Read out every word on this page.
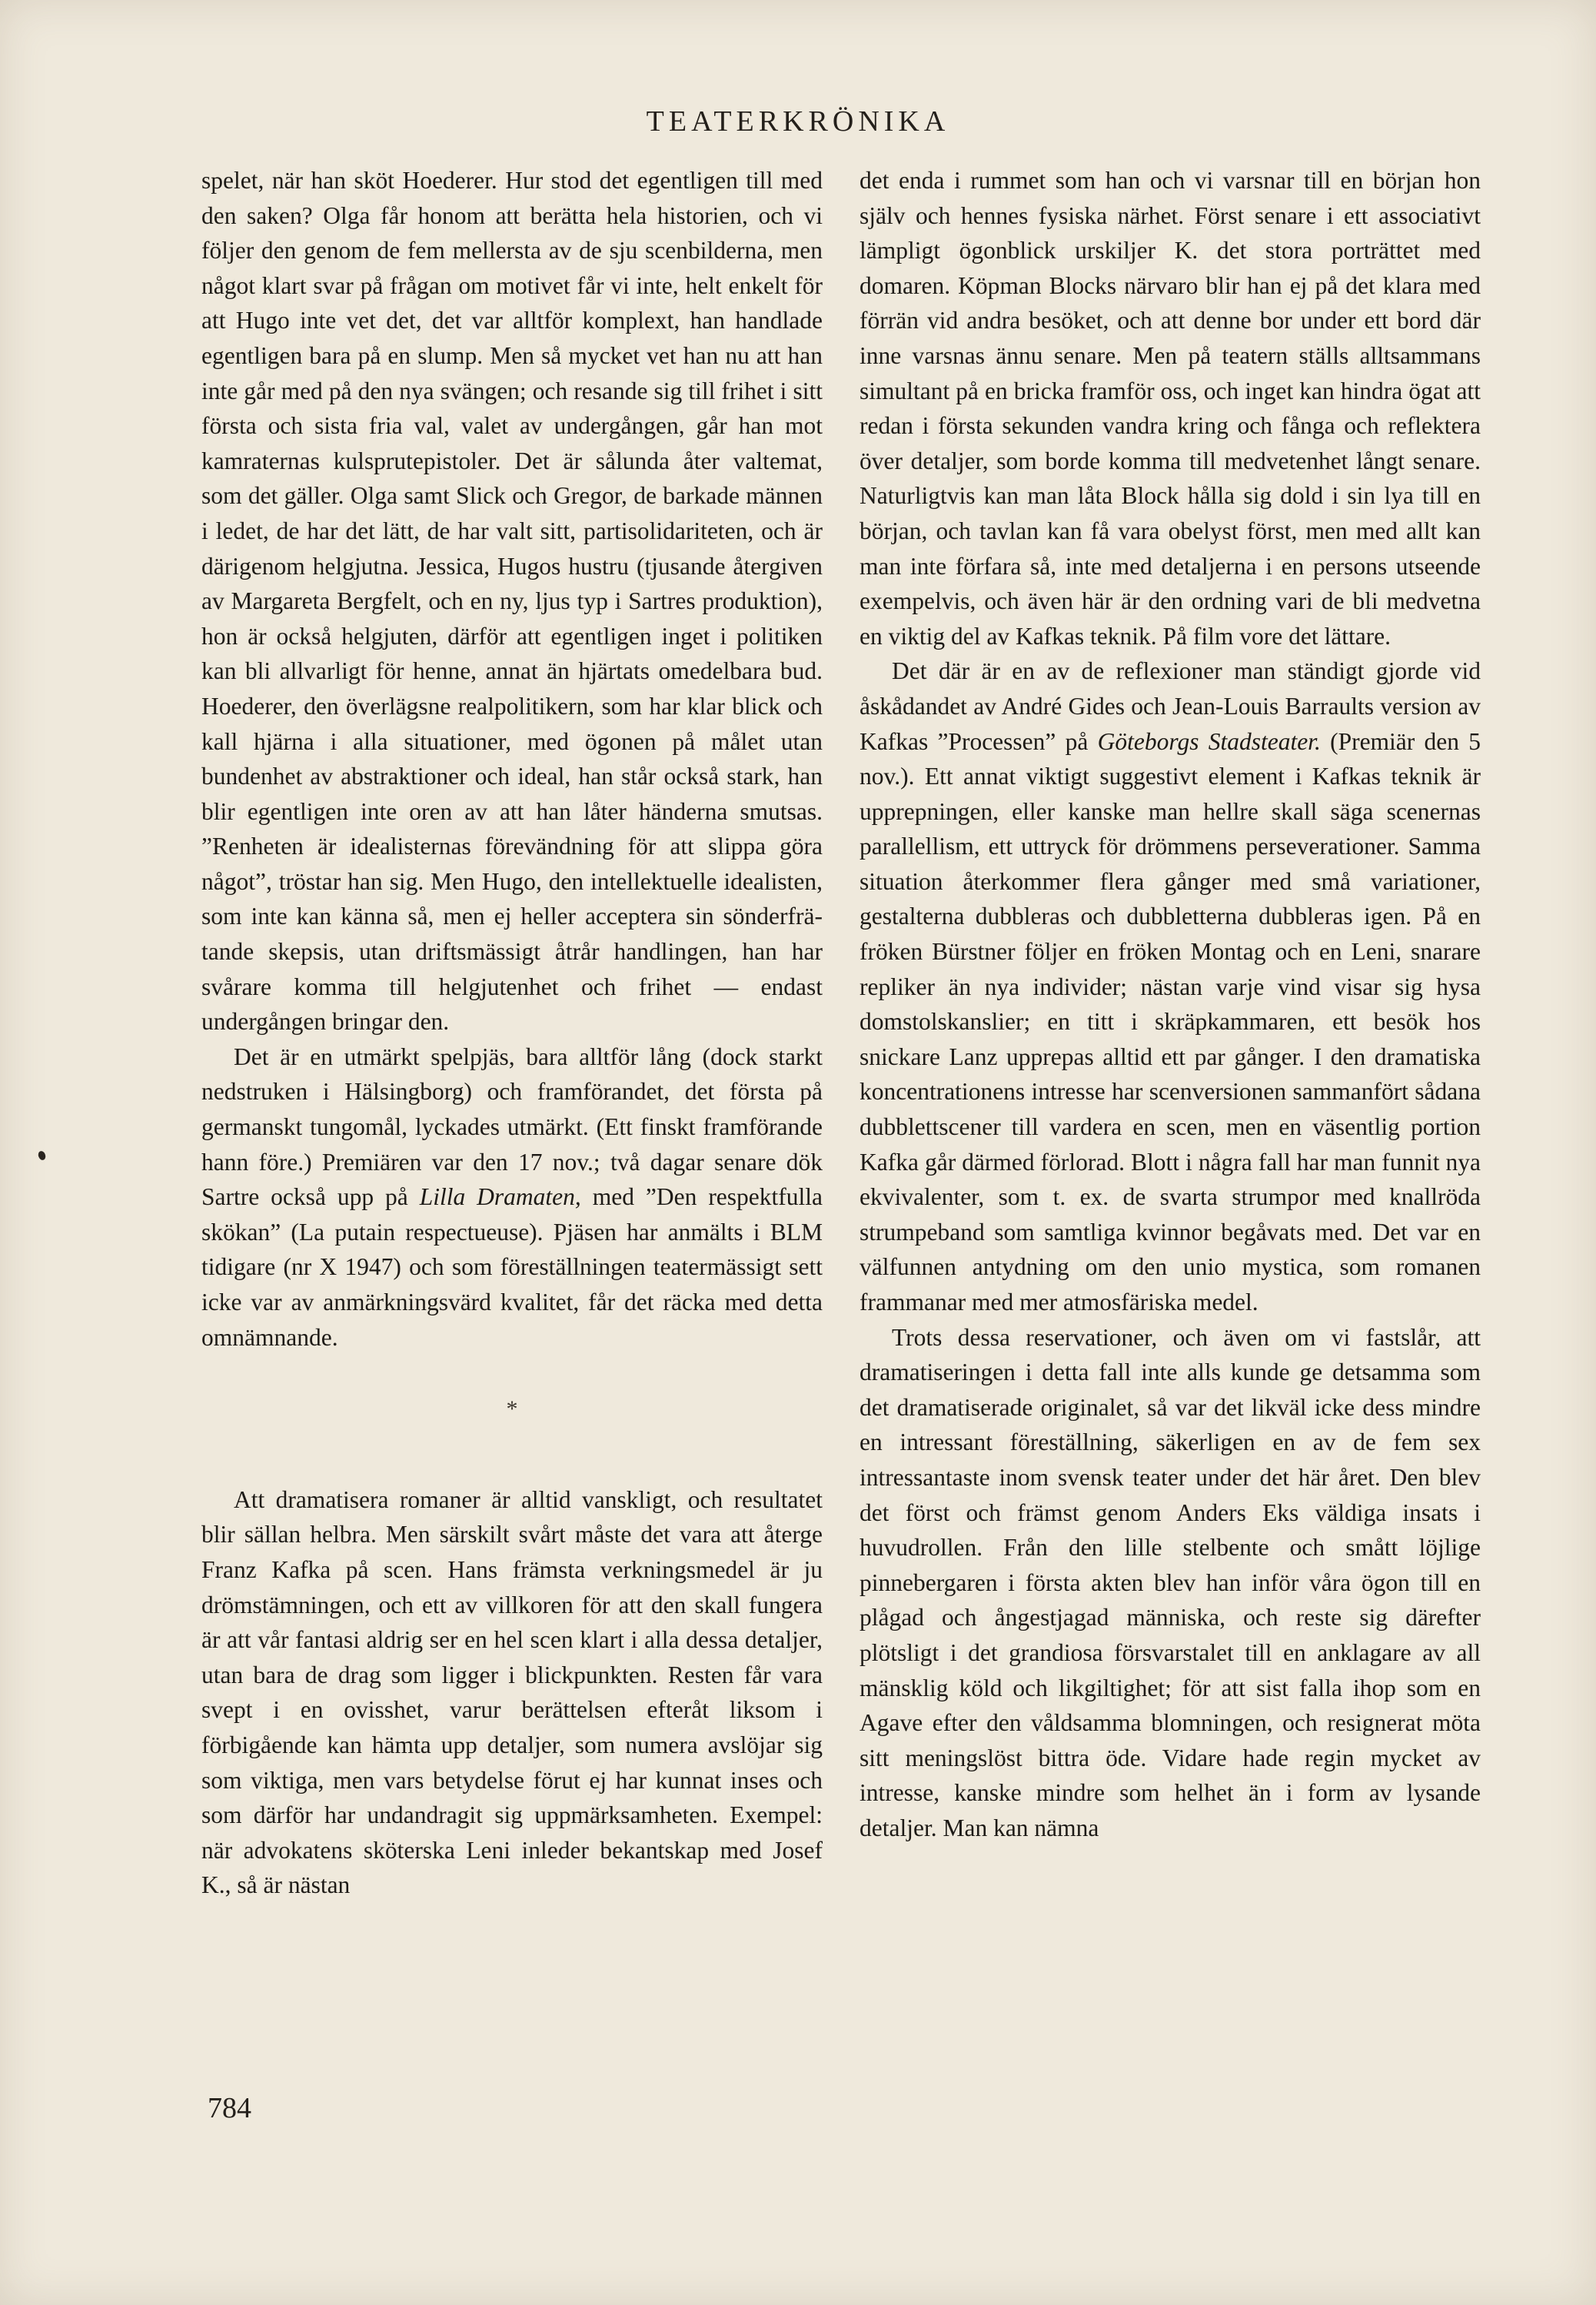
TEATERKRÖNIKA

spelet, när han sköt Hoederer. Hur stod det egentligen till med den saken? Olga får honom att berätta hela historien, och vi följer den genom de fem mellersta av de sju scenbilderna, men något klart svar på frågan om motivet får vi inte, helt enkelt för att Hugo inte vet det, det var alltför komplext, han handlade egentligen bara på en slump. Men så mycket vet han nu att han inte går med på den nya svängen; och resande sig till frihet i sitt första och sista fria val, valet av undergången, går han mot kamraternas kulsprutepistoler. Det är sålunda åter valtemat, som det gäller. Olga samt Slick och Gregor, de barkade männen i ledet, de har det lätt, de har valt sitt, partisolidariteten, och är därigenom helgjutna. Jessica, Hugos hustru (tjusande återgiven av Margareta Bergfelt, och en ny, ljus typ i Sartres produktion), hon är också helgjuten, därför att egentligen inget i politiken kan bli allvarligt för henne, annat än hjärtats omedelbara bud. Hoederer, den överlägsne realpolitikern, som har klar blick och kall hjärna i alla situationer, med ögonen på målet utan bundenhet av abstraktioner och ideal, han står också stark, han blir egentligen inte oren av att han låter händerna smutsas. ”Renheten är idealisternas förevändning för att slippa göra något”, tröstar han sig. Men Hugo, den intellektuelle idealisten, som inte kan känna så, men ej heller acceptera sin sönderfrätande skepsis, utan driftsmässigt åtrår handlingen, han har svårare komma till helgjutenhet och frihet — endast undergången bringar den.

Det är en utmärkt spelpjäs, bara alltför lång (dock starkt nedstruken i Hälsingborg) och framförandet, det första på germanskt tungomål, lyckades utmärkt. (Ett finskt framförande hann före.) Premiären var den 17 nov.; två dagar senare dök Sartre också upp på Lilla Dramaten, med ”Den respektfulla skökan” (La putain respectueuse). Pjäsen har anmälts i BLM tidigare (nr X 1947) och som föreställningen teatermässigt sett icke var av anmärkningsvärd kvalitet, får det räcka med detta omnämnande.

*

Att dramatisera romaner är alltid vanskligt, och resultatet blir sällan helbra. Men särskilt svårt måste det vara att återge Franz Kafka på scen. Hans främsta verkningsmedel är ju drömstämningen, och ett av villkoren för att den skall fungera är att vår fantasi aldrig ser en hel scen klart i alla dessa detaljer, utan bara de drag som ligger i blickpunkten. Resten får vara svept i en ovisshet, varur berättelsen efteråt liksom i förbigående kan hämta upp detaljer, som numera avslöjar sig som viktiga, men vars betydelse förut ej har kunnat inses och som därför har undandragit sig uppmärksamheten. Exempel: när advokatens sköterska Leni inleder bekantskap med Josef K., så är nästan

det enda i rummet som han och vi varsnar till en början hon själv och hennes fysiska närhet. Först senare i ett associativt lämpligt ögonblick urskiljer K. det stora porträttet med domaren. Köpman Blocks närvaro blir han ej på det klara med förrän vid andra besöket, och att denne bor under ett bord där inne varsnas ännu senare. Men på teatern ställs alltsammans simultant på en bricka framför oss, och inget kan hindra ögat att redan i första sekunden vandra kring och fånga och reflektera över detaljer, som borde komma till medvetenhet långt senare. Naturligtvis kan man låta Block hålla sig dold i sin lya till en början, och tavlan kan få vara obelyst först, men med allt kan man inte förfara så, inte med detaljerna i en persons utseende exempelvis, och även här är den ordning vari de bli medvetna en viktig del av Kafkas teknik. På film vore det lättare.

Det där är en av de reflexioner man ständigt gjorde vid åskådandet av André Gides och Jean-Louis Barraults version av Kafkas ”Processen” på Göteborgs Stadsteater. (Premiär den 5 nov.). Ett annat viktigt suggestivt element i Kafkas teknik är upprepningen, eller kanske man hellre skall säga scenernas parallellism, ett uttryck för drömmens perseverationer. Samma situation återkommer flera gånger med små variationer, gestalterna dubbleras och dubbletterna dubbleras igen. På en fröken Bürstner följer en fröken Montag och en Leni, snarare repliker än nya individer; nästan varje vind visar sig hysa domstolskanslier; en titt i skräpkammaren, ett besök hos snickare Lanz upprepas alltid ett par gånger. I den dramatiska koncentrationens intresse har scenversionen sammanfört sådana dubblettscener till vardera en scen, men en väsentlig portion Kafka går därmed förlorad. Blott i några fall har man funnit nya ekvivalenter, som t. ex. de svarta strumpor med knallröda strumpeband som samtliga kvinnor begåvats med. Det var en välfunnen antydning om den unio mystica, som romanen frammanar med mer atmosfäriska medel.

Trots dessa reservationer, och även om vi fastslår, att dramatiseringen i detta fall inte alls kunde ge detsamma som det dramatiserade originalet, så var det likväl icke dess mindre en intressant föreställning, säkerligen en av de fem sex intressantaste inom svensk teater under det här året. Den blev det först och främst genom Anders Eks väldiga insats i huvudrollen. Från den lille stelbente och smått löjlige pinnebergaren i första akten blev han inför våra ögon till en plågad och ångestjagad människa, och reste sig därefter plötsligt i det grandiosa försvarstalet till en anklagare av all mänsklig köld och likgiltighet; för att sist falla ihop som en Agave efter den våldsamma blomningen, och resignerat möta sitt meningslöst bittra öde. Vidare hade regin mycket av intresse, kanske mindre som helhet än i form av lysande detaljer. Man kan nämna

784
